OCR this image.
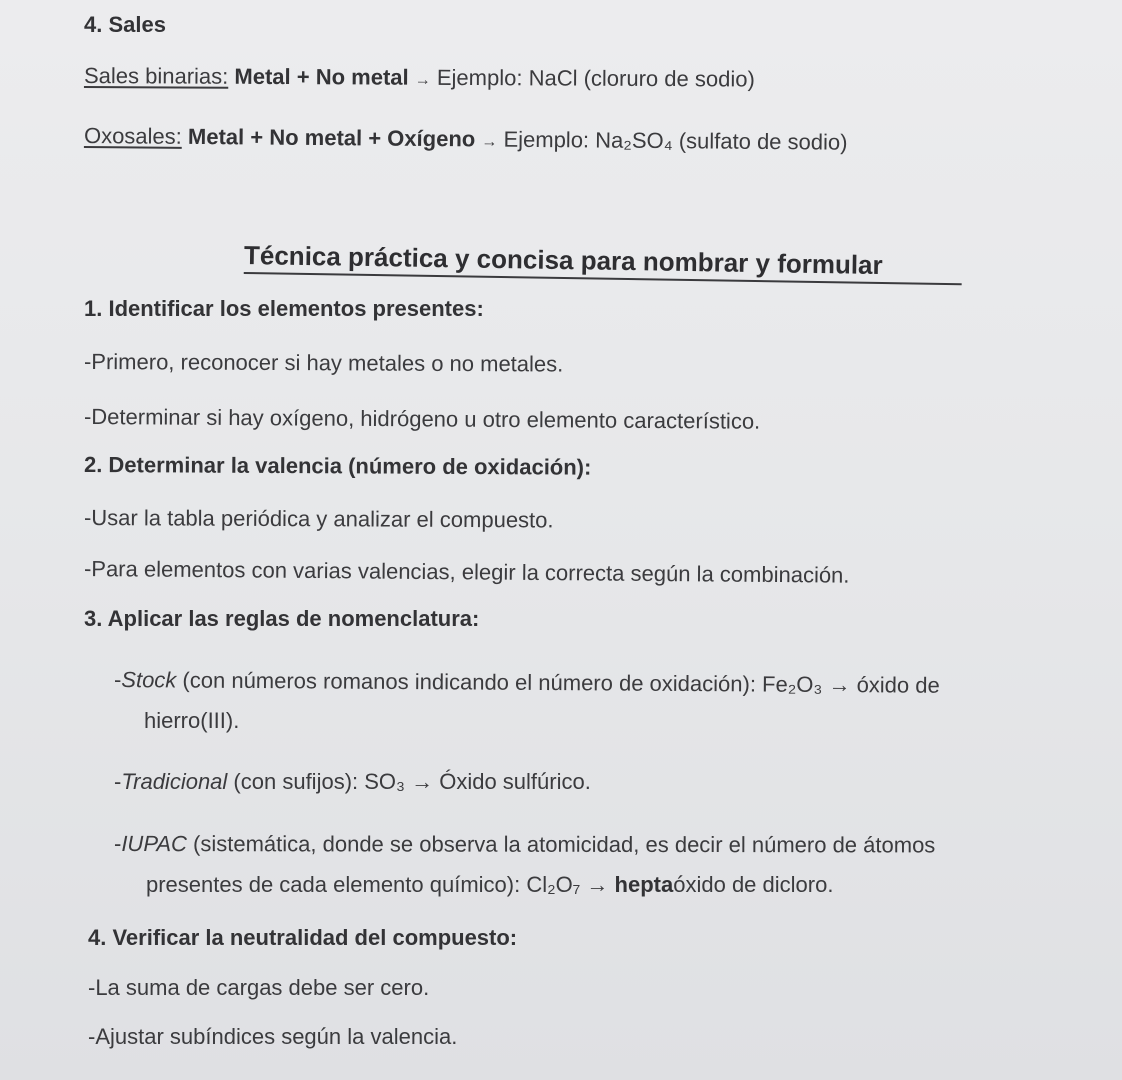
4. Sales
Sales binarias: Metal + No metal → Ejemplo: NaCl (cloruro de sodio)
Oxosales: Metal + No metal + Oxígeno → Ejemplo: Na₂SO₄ (sulfato de sodio)
Técnica práctica y concisa para nombrar y formular
1. Identificar los elementos presentes:
-Primero, reconocer si hay metales o no metales.
-Determinar si hay oxígeno, hidrógeno u otro elemento característico.
2. Determinar la valencia (número de oxidación):
-Usar la tabla periódica y analizar el compuesto.
-Para elementos con varias valencias, elegir la correcta según la combinación.
3. Aplicar las reglas de nomenclatura:
-Stock (con números romanos indicando el número de oxidación): Fe₂O₃ → óxido de
hierro(III).
-Tradicional (con sufijos): SO₃ → Óxido sulfúrico.
-IUPAC (sistemática, donde se observa la atomicidad, es decir el número de átomos
presentes de cada elemento químico): Cl₂O₇ → heptaóxido de dicloro.
4. Verificar la neutralidad del compuesto:
-La suma de cargas debe ser cero.
-Ajustar subíndices según la valencia.
